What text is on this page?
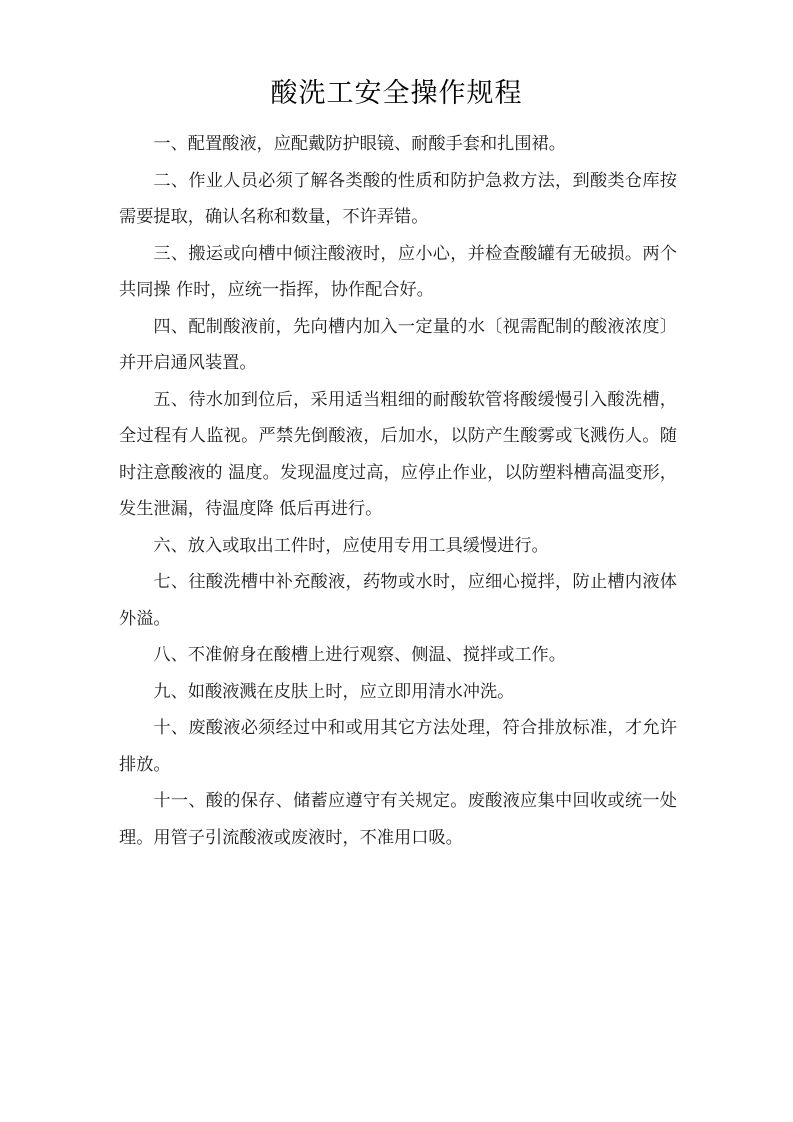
酸洗工安全操作规程

一、配置酸液，应配戴防护眼镜、耐酸手套和扎围裙。

二、作业人员必须了解各类酸的性质和防护急救方法，到酸类仓库按需要提取，确认名称和数量，不许弄错。

三、搬运或向槽中倾注酸液时，应小心，并检查酸罐有无破损。两个共同操 作时，应统一指挥，协作配合好。

四、配制酸液前，先向槽内加入一定量的水〔视需配制的酸液浓度〕并开启通风装置。

五、待水加到位后，采用适当粗细的耐酸软管将酸缓慢引入酸洗槽，全过程有人监视。严禁先倒酸液，后加水，以防产生酸雾或飞溅伤人。随时注意酸液的 温度。发现温度过高，应停止作业，以防塑料槽高温变形，发生泄漏，待温度降 低后再进行。

六、放入或取出工件时，应使用专用工具缓慢进行。

七、往酸洗槽中补充酸液，药物或水时，应细心搅拌，防止槽内液体外溢。

八、不准俯身在酸槽上进行观察、侧温、搅拌或工作。

九、如酸液溅在皮肤上时，应立即用清水冲洗。

十、废酸液必须经过中和或用其它方法处理，符合排放标准，才允许排放。

十一、酸的保存、储蓄应遵守有关规定。废酸液应集中回收或统一处理。用管子引流酸液或废液时，不准用口吸。
